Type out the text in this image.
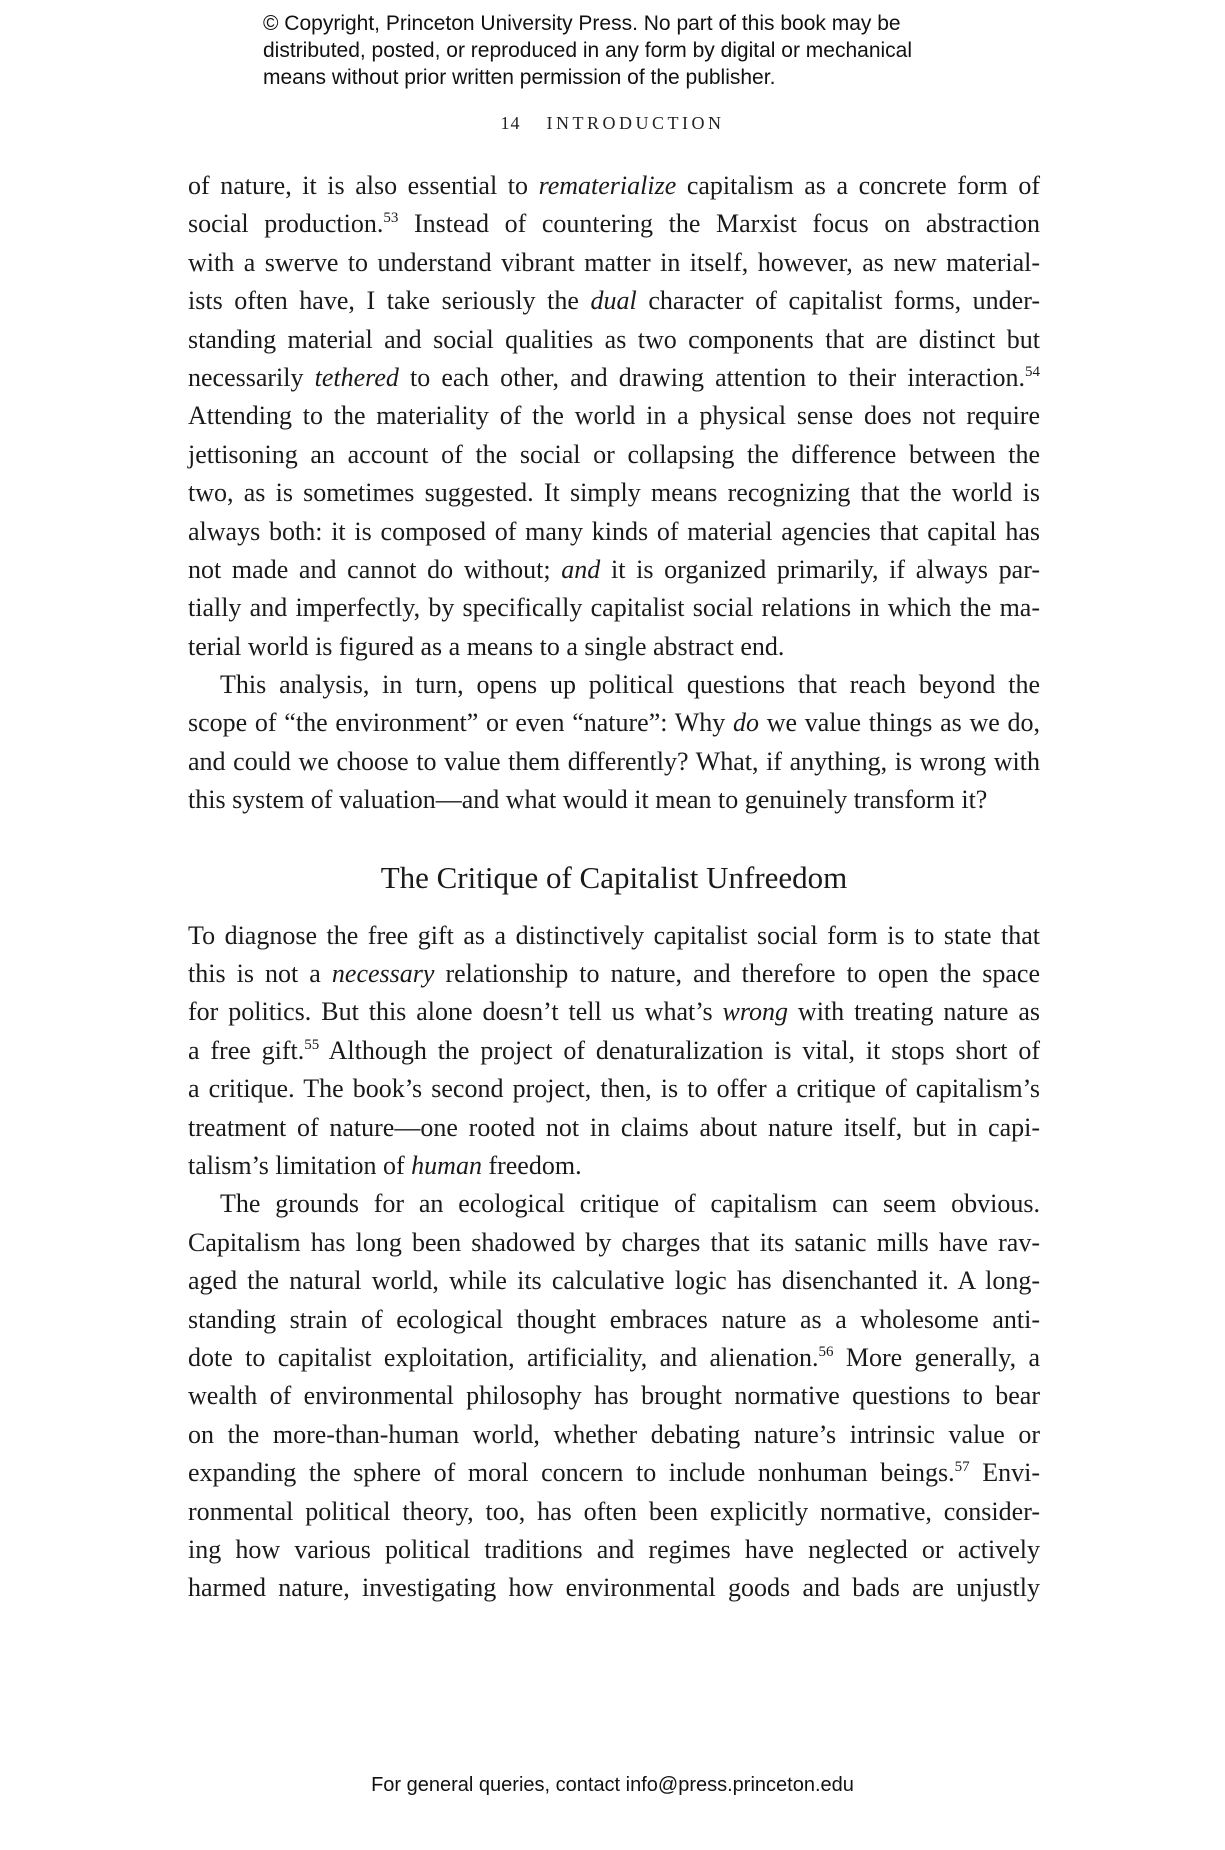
© Copyright, Princeton University Press. No part of this book may be
distributed, posted, or reproduced in any form by digital or mechanical
means without prior written permission of the publisher.
14 INTRODUCTION
of nature, it is also essential to rematerialize capitalism as a concrete form of
social production.$^{53}$ Instead of countering the Marxist focus on abstraction
with a swerve to understand vibrant matter in itself, however, as new material-
ists often have, I take seriously the dual character of capitalist forms, under-
standing material and social qualities as two components that are distinct but
necessarily tethered to each other, and drawing attention to their interaction.$^{54}$
Attending to the materiality of the world in a physical sense does not require
jettisoning an account of the social or collapsing the difference between the
two, as is sometimes suggested. It simply means recognizing that the world is
always both: it is composed of many kinds of material agencies that capital has
not made and cannot do without; and it is organized primarily, if always par-
tially and imperfectly, by specifically capitalist social relations in which the ma-
terial world is figured as a means to a single abstract end.
This analysis, in turn, opens up political questions that reach beyond the
scope of “the environment” or even “nature”: Why do we value things as we do,
and could we choose to value them differently? What, if anything, is wrong with
this system of valuation—and what would it mean to genuinely transform it?
The Critique of Capitalist Unfreedom
To diagnose the free gift as a distinctively capitalist social form is to state that
this is not a necessary relationship to nature, and therefore to open the space
for politics. But this alone doesn’t tell us what’s wrong with treating nature as
a free gift.$^{55}$ Although the project of denaturalization is vital, it stops short of
a critique. The book’s second project, then, is to offer a critique of capitalism’s
treatment of nature—one rooted not in claims about nature itself, but in capi-
talism’s limitation of human freedom.
The grounds for an ecological critique of capitalism can seem obvious.
Capitalism has long been shadowed by charges that its satanic mills have rav-
aged the natural world, while its calculative logic has disenchanted it. A long-
standing strain of ecological thought embraces nature as a wholesome anti-
dote to capitalist exploitation, artificiality, and alienation.$^{56}$ More generally, a
wealth of environmental philosophy has brought normative questions to bear
on the more-than-human world, whether debating nature’s intrinsic value or
expanding the sphere of moral concern to include nonhuman beings.$^{57}$ Envi-
ronmental political theory, too, has often been explicitly normative, consider-
ing how various political traditions and regimes have neglected or actively
harmed nature, investigating how environmental goods and bads are unjustly
For general queries, contact info@press.princeton.edu
